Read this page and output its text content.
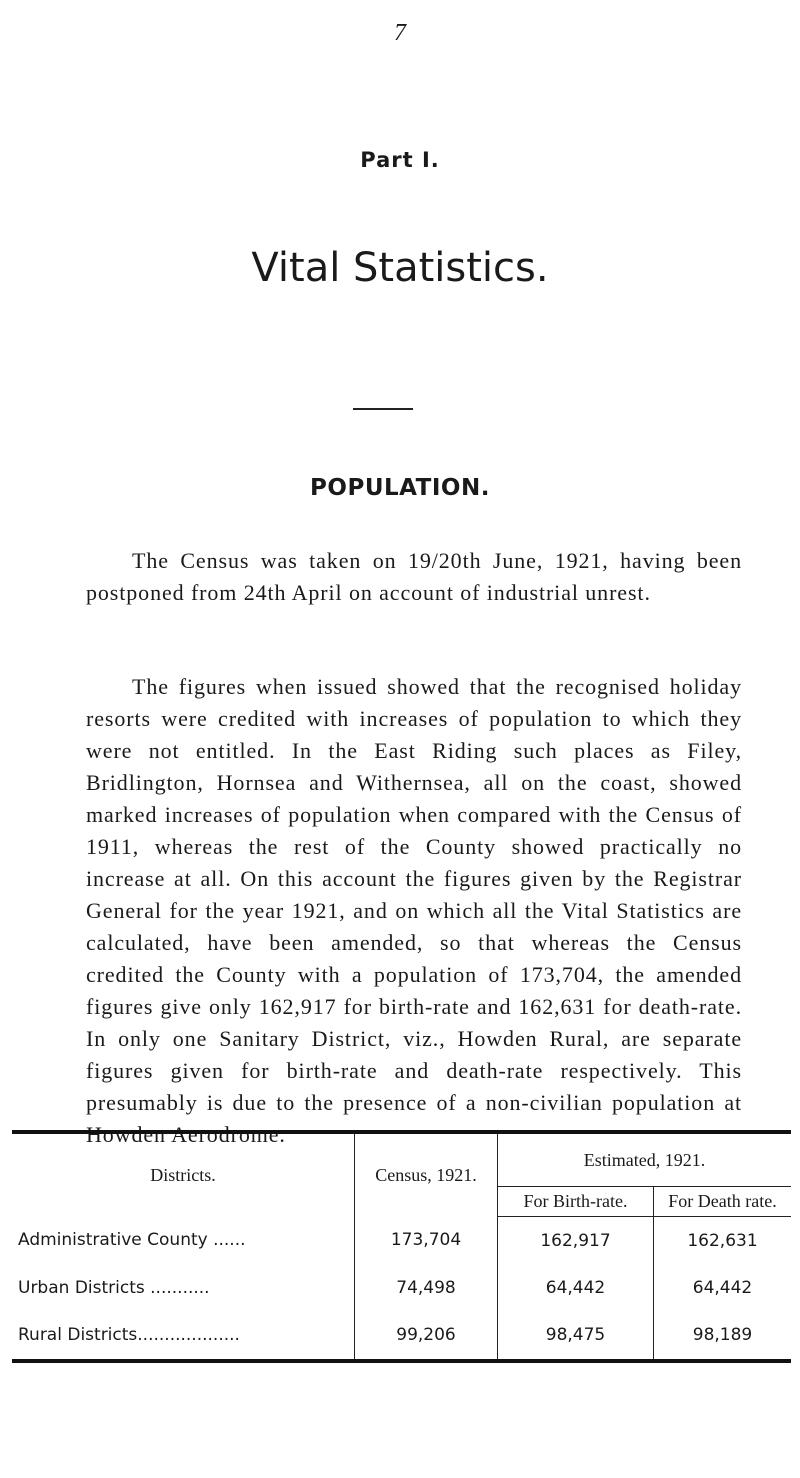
7
Part I.
Vital Statistics.
POPULATION.

The Census was taken on 19/20th June, 1921, having been postponed from 24th April on account of industrial unrest.

The figures when issued showed that the recognised holiday resorts were credited with increases of population to which they were not entitled. In the East Riding such places as Filey, Bridlington, Hornsea and Withernsea, all on the coast, showed marked increases of population when compared with the Census of 1911, whereas the rest of the County showed practically no increase at all. On this account the figures given by the Registrar General for the year 1921, and on which all the Vital Statistics are calculated, have been amended, so that whereas the Census credited the County with a population of 173,704, the amended figures give only 162,917 for birth-rate and 162,631 for death-rate. In only one Sanitary District, viz., Howden Rural, are separate figures given for birth-rate and death-rate respectively. This presumably is due to the presence of a non-civilian population at Howden Aerodrome.

Districts.	Census, 1921.	Estimated, 1921.	
		For Birth-rate.	For Death rate.
Administrative County ......	173,704	162,917	162,631
Urban Districts ...........	74,498	64,442	64,442
Rural Districts...................	99,206	98,475	98,189
